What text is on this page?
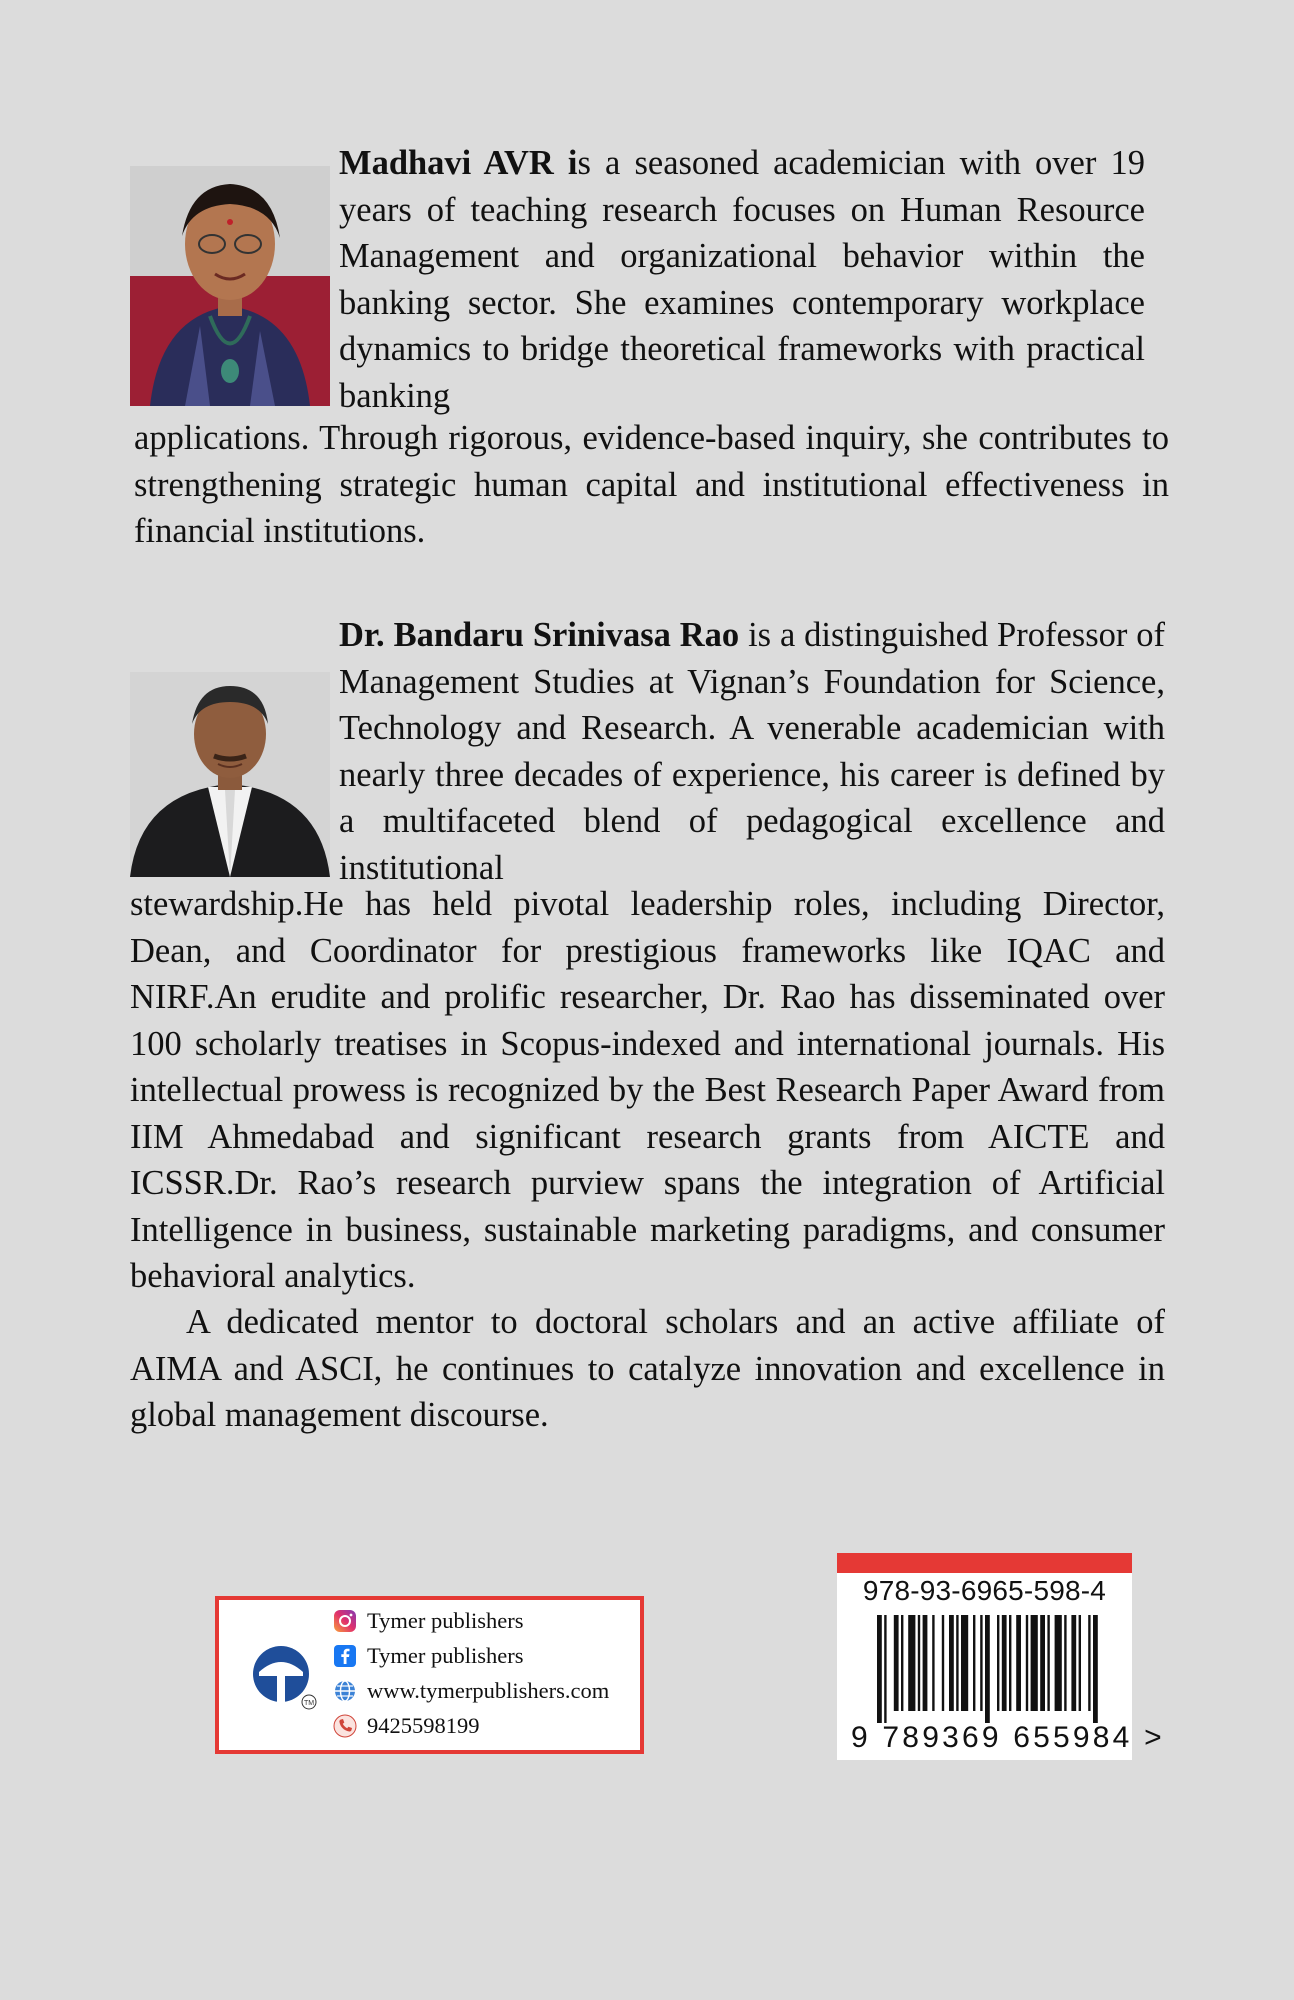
Madhavi AVR is a seasoned academician with over 19 years of teaching research focuses on Human Resource Management and organizational behavior within the banking sector. She examines contemporary workplace dynamics to bridge theoretical frameworks with practical banking

applications. Through rigorous, evidence-based inquiry, she contributes to strengthening strategic human capital and institutional effectiveness in financial institutions.

Dr. Bandaru Srinivasa Rao is a distinguished Professor of Management Studies at Vignan’s Foundation for Science, Technology and Research. A venerable academician with nearly three decades of experience, his career is defined by a multifaceted blend of pedagogical excellence and institutional

stewardship.He has held pivotal leadership roles, including Director, Dean, and Coordinator for prestigious frameworks like IQAC and NIRF.An erudite and prolific researcher, Dr. Rao has disseminated over 100 scholarly treatises in Scopus-indexed and international journals. His intellectual prowess is recognized by the Best Research Paper Award from IIM Ahmedabad and significant research grants from AICTE and ICSSR.Dr. Rao’s research purview spans the integration of Artificial Intelligence in business, sustainable marketing paradigms, and consumer behavioral analytics.

A dedicated mentor to doctoral scholars and an active affiliate of AIMA and ASCI, he continues to catalyze innovation and excellence in global management discourse.

TM
Tymer publishers
Tymer publishers
www.tymerpublishers.com
9425598199
978-93-6965-598-4
9 789369 655984 >
